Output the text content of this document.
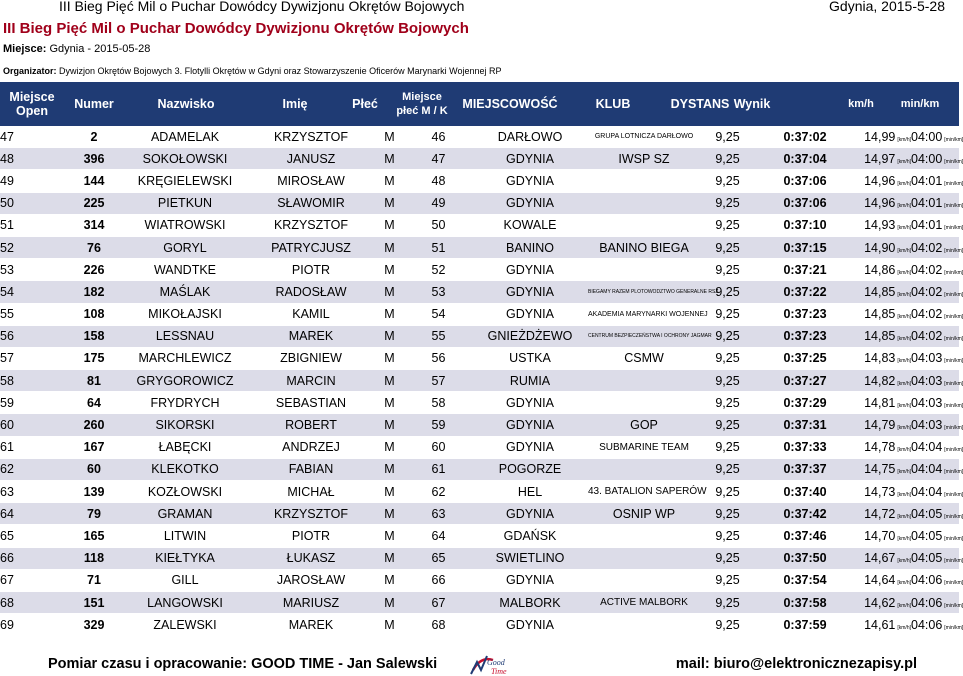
III Bieg Pięć Mil o Puchar Dowódcy Dywizjonu Okrętów Bojowych	Gdynia, 2015-5-28
III Bieg Pięć Mil o Puchar Dowódcy Dywizjonu Okrętów Bojowych
Miejsce: Gdynia - 2015-05-28
Organizator: Dywizjon Okrętów Bojowych 3. Flotylli Okrętów w Gdyni oraz Stowarzyszenie Oficerów Marynarki Wojennej RP
Miejsce Open	Numer	Nazwisko	Imię	Płeć	Miejsce płeć M / K	MIEJSCOWOŚĆ	KLUB	DYSTANS Wynik	km/h	min/km
47	2	ADAMELAK	KRZYSZTOF	M	46	DARŁOWO	GRUPA LOTNICZA DARŁOWO	9,25	0:37:02	14,99 [km/h]	04:00 [min/km]
48	396	SOKOŁOWSKI	JANUSZ	M	47	GDYNIA	IWSP SZ	9,25	0:37:04	14,97 [km/h]	04:00 [min/km]
49	144	KRĘGIELEWSKI	MIROSŁAW	M	48	GDYNIA		9,25	0:37:06	14,96 [km/h]	04:01 [min/km]
50	225	PIETKUN	SŁAWOMIR	M	49	GDYNIA		9,25	0:37:06	14,96 [km/h]	04:01 [min/km]
51	314	WIATROWSKI	KRZYSZTOF	M	50	KOWALE		9,25	0:37:10	14,93 [km/h]	04:01 [min/km]
52	76	GORYL	PATRYCJUSZ	M	51	BANINO	BANINO BIEGA	9,25	0:37:15	14,90 [km/h]	04:02 [min/km]
53	226	WANDTKE	PIOTR	M	52	GDYNIA		9,25	0:37:21	14,86 [km/h]	04:02 [min/km]
54	182	MAŚLAK	RADOSŁAW	M	53	GDYNIA	BIEGAMY RAZEM PLOTOWODZTWO GENERALNE RSZ	9,25	0:37:22	14,85 [km/h]	04:02 [min/km]
55	108	MIKOŁAJSKI	KAMIL	M	54	GDYNIA	AKADEMIA MARYNARKI WOJENNEJ	9,25	0:37:23	14,85 [km/h]	04:02 [min/km]
56	158	LESSNAU	MAREK	M	55	GNIEŻDŻEWO	CENTRUM BEZPIECZEŃSTWA I OCHRONY JAGMAR	9,25	0:37:23	14,85 [km/h]	04:02 [min/km]
57	175	MARCHLEWICZ	ZBIGNIEW	M	56	USTKA	CSMW	9,25	0:37:25	14,83 [km/h]	04:03 [min/km]
58	81	GRYGOROWICZ	MARCIN	M	57	RUMIA		9,25	0:37:27	14,82 [km/h]	04:03 [min/km]
59	64	FRYDRYCH	SEBASTIAN	M	58	GDYNIA		9,25	0:37:29	14,81 [km/h]	04:03 [min/km]
60	260	SIKORSKI	ROBERT	M	59	GDYNIA	GOP	9,25	0:37:31	14,79 [km/h]	04:03 [min/km]
61	167	ŁABĘCKI	ANDRZEJ	M	60	GDYNIA	SUBMARINE TEAM	9,25	0:37:33	14,78 [km/h]	04:04 [min/km]
62	60	KLEKOTKO	FABIAN	M	61	POGORZE		9,25	0:37:37	14,75 [km/h]	04:04 [min/km]
63	139	KOZŁOWSKI	MICHAŁ	M	62	HEL	43. BATALION SAPERÓW	9,25	0:37:40	14,73 [km/h]	04:04 [min/km]
64	79	GRAMAN	KRZYSZTOF	M	63	GDYNIA	OSNIP WP	9,25	0:37:42	14,72 [km/h]	04:05 [min/km]
65	165	LITWIN	PIOTR	M	64	GDAŃSK		9,25	0:37:46	14,70 [km/h]	04:05 [min/km]
66	118	KIEŁTYKA	ŁUKASZ	M	65	SWIETLINO		9,25	0:37:50	14,67 [km/h]	04:05 [min/km]
67	71	GILL	JAROSŁAW	M	66	GDYNIA		9,25	0:37:54	14,64 [km/h]	04:06 [min/km]
68	151	LANGOWSKI	MARIUSZ	M	67	MALBORK	ACTIVE MALBORK	9,25	0:37:58	14,62 [km/h]	04:06 [min/km]
69	329	ZALEWSKI	MAREK	M	68	GDYNIA		9,25	0:37:59	14,61 [km/h]	04:06 [min/km]
Pomiar czasu i opracowanie: GOOD TIME - Jan Salewski	mail: biuro@elektronicznezapisy.pl
Good
Time
